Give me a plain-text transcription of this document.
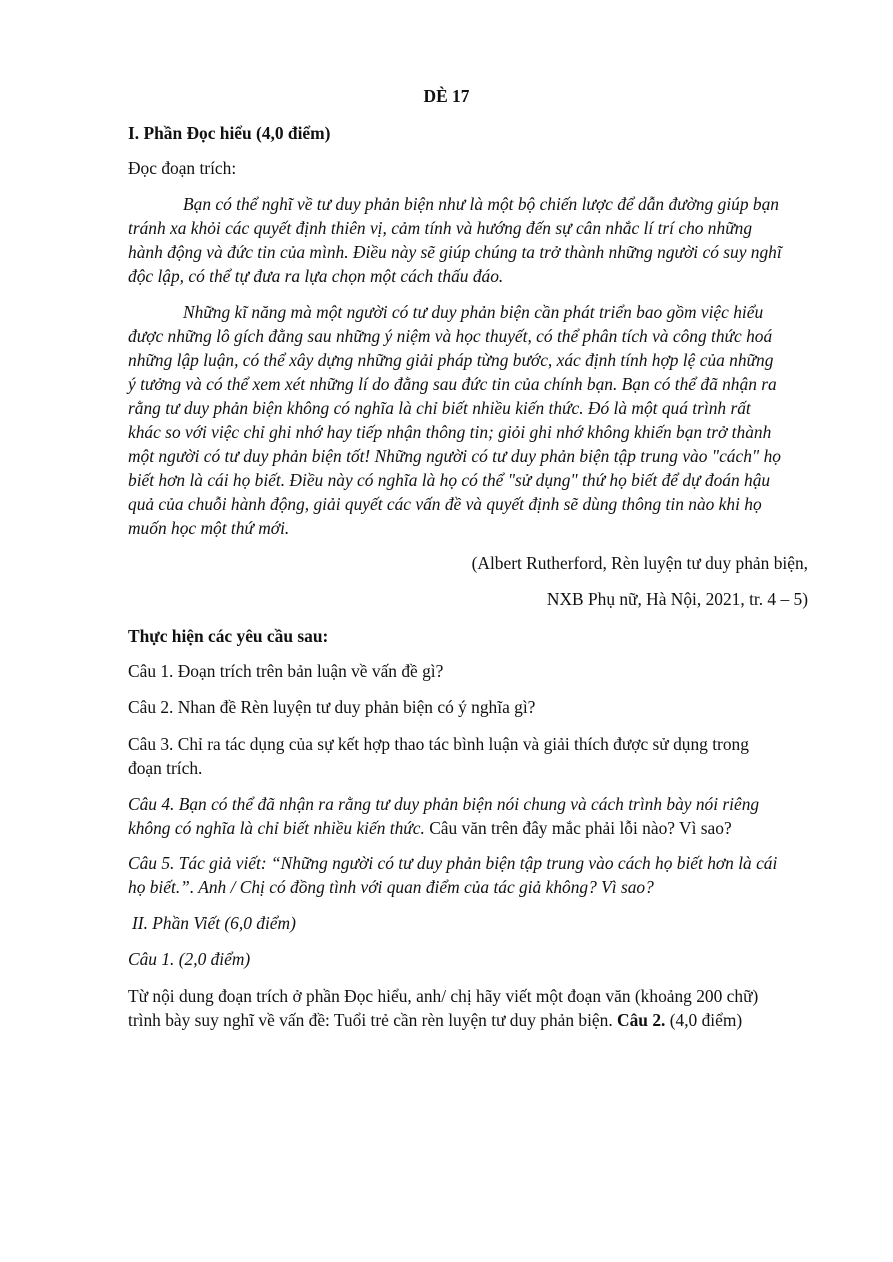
DÈ 17
I. Phần Đọc hiểu (4,0 điểm)
Đọc đoạn trích:
Bạn có thể nghĩ về tư duy phản biện như là một bộ chiến lược để dẫn đường giúp bạn
tránh xa khỏi các quyết định thiên vị, cảm tính và hướng đến sự cân nhắc lí trí cho những
hành động và đức tin của mình. Điều này sẽ giúp chúng ta trở thành những người có suy nghĩ
độc lập, có thể tự đưa ra lựa chọn một cách thấu đáo.
Những kĩ năng mà một người có tư duy phản biện cần phát triển bao gồm việc hiểu
được những lô gích đằng sau những ý niệm và học thuyết, có thể phân tích và công thức hoá
những lập luận, có thể xây dựng những giải pháp từng bước, xác định tính hợp lệ của những
ý tưởng và có thể xem xét những lí do đằng sau đức tin của chính bạn. Bạn có thể đã nhận ra
rằng tư duy phản biện không có nghĩa là chỉ biết nhiều kiến thức. Đó là một quá trình rất
khác so với việc chỉ ghi nhớ hay tiếp nhận thông tin; giỏi ghi nhớ không khiến bạn trở thành
một người có tư duy phản biện tốt! Những người có tư duy phản biện tập trung vào "cách" họ
biết hơn là cái họ biết. Điều này có nghĩa là họ có thể "sử dụng" thứ họ biết để dự đoán hậu
quả của chuỗi hành động, giải quyết các vấn đề và quyết định sẽ dùng thông tin nào khi họ
muốn học một thứ mới.
(Albert Rutherford, Rèn luyện tư duy phản biện,
NXB Phụ nữ, Hà Nội, 2021, tr. 4 – 5)
Thực hiện các yêu cầu sau:
Câu 1. Đoạn trích trên bản luận về vấn đề gì?
Câu 2. Nhan đề Rèn luyện tư duy phản biện có ý nghĩa gì?
Câu 3. Chỉ ra tác dụng của sự kết hợp thao tác bình luận và giải thích được sử dụng trong
đoạn trích.
Câu 4. Bạn có thể đã nhận ra rằng tư duy phản biện nói chung và cách trình bày nói riêng
không có nghĩa là chỉ biết nhiều kiến thức. Câu văn trên đây mắc phải lỗi nào? Vì sao?
Câu 5. Tác giả viết: “Những người có tư duy phản biện tập trung vào cách họ biết hơn là cái
họ biết.”. Anh / Chị có đồng tình với quan điểm của tác giả không? Vì sao?
II. Phần Viết (6,0 điểm)
Câu 1. (2,0 điểm)
Từ nội dung đoạn trích ở phần Đọc hiểu, anh/ chị hãy viết một đoạn văn (khoảng 200 chữ)
trình bày suy nghĩ về vấn đề: Tuổi trẻ cần rèn luyện tư duy phản biện. Câu 2. (4,0 điểm)
